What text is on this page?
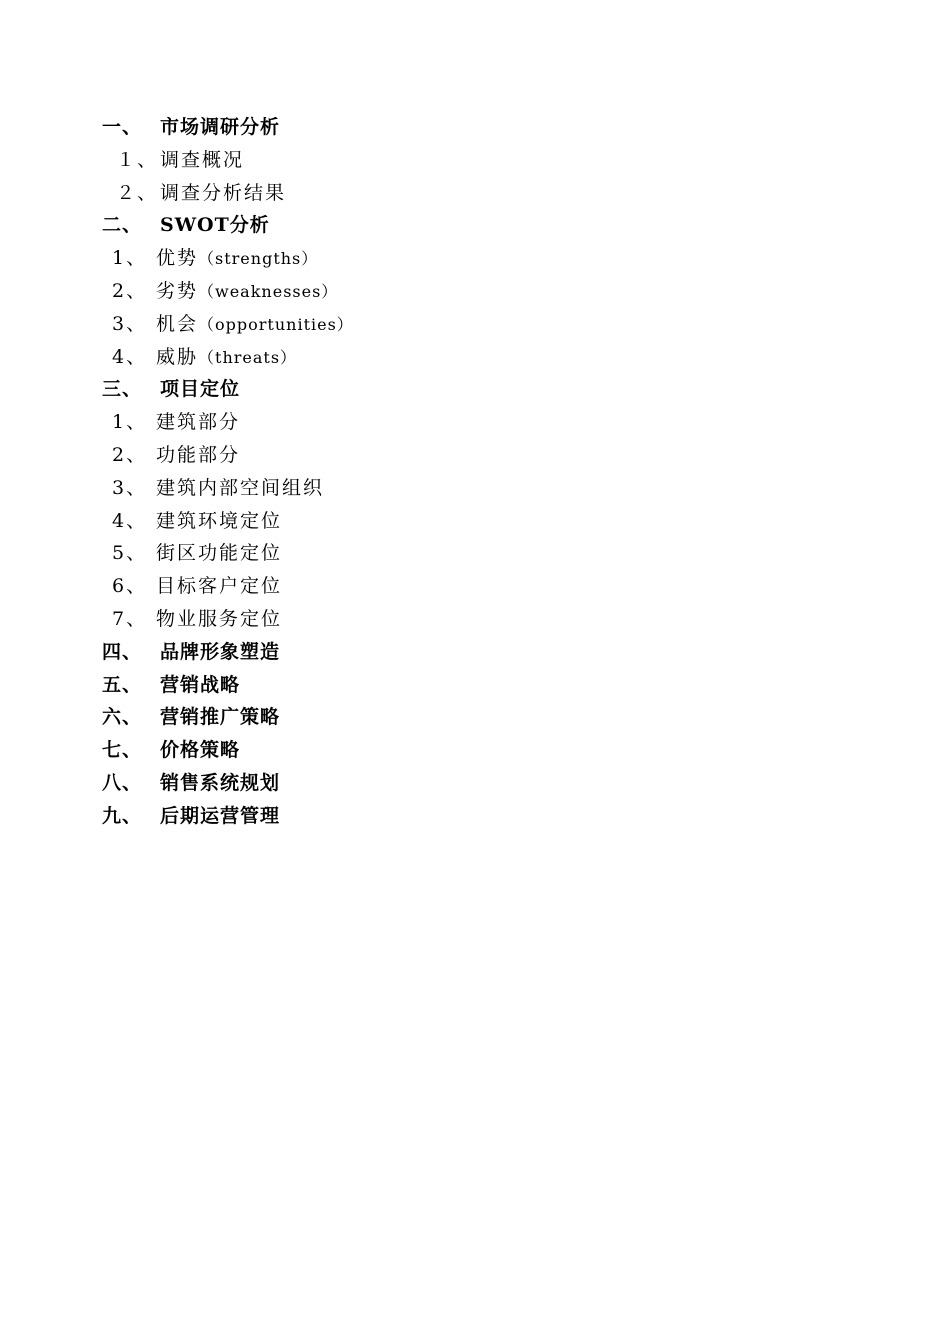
一、 市场调研分析
１、 调查概况
２、 调查分析结果
二、 SWOT分析
1、 优势（strengths）
2、 劣势（weaknesses）
3、 机会（opportunities）
4、 威胁（threats）
三、 项目定位
1、 建筑部分
2、 功能部分
3、 建筑内部空间组织
4、 建筑环境定位
5、 街区功能定位
6、 目标客户定位
7、 物业服务定位
四、 品牌形象塑造
五、 营销战略
六、 营销推广策略
七、 价格策略
八、 销售系统规划
九、 后期运营管理
